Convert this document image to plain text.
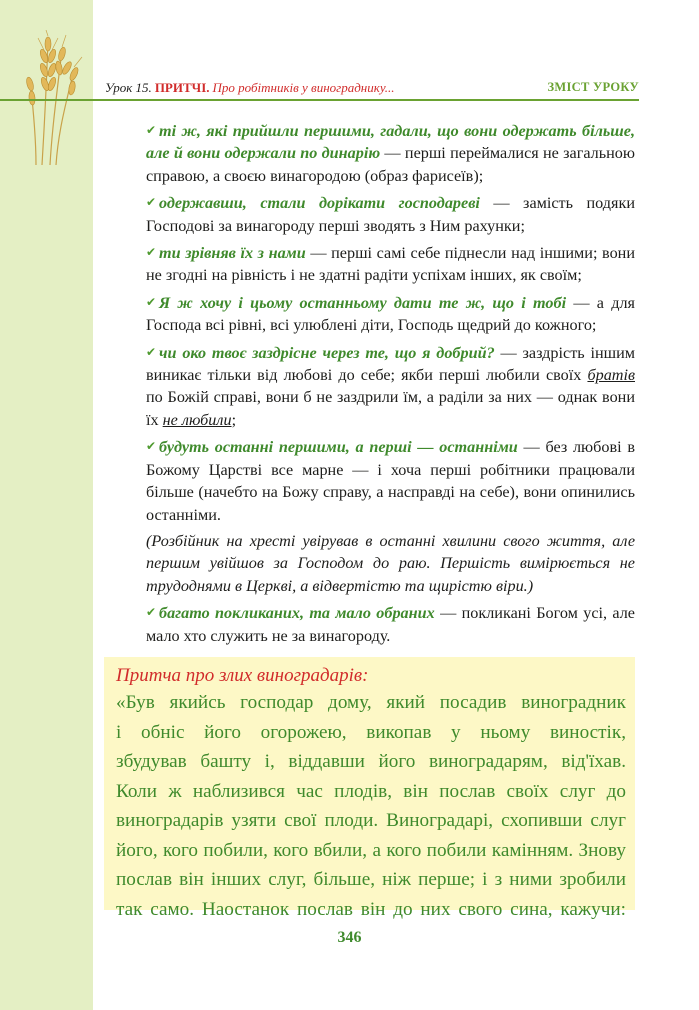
Урок 15. ПРИТЧІ. Про робітників у винограднику...	ЗМІСТ УРОКУ

✔ ті ж, які прийшли першими, гадали, що вони одержать більше, але й вони одержали по динарію — перші переймалися не загальною справою, а своєю винагородою (образ фарисеїв);

✔ одержавши, стали дорікати господареві — замість подяки Господові за винагороду перші зводять з Ним рахунки;

✔ ти зрівняв їх з нами — перші самі себе піднесли над іншими; вони не згодні на рівність і не здатні радіти успіхам інших, як своїм;

✔ Я ж хочу і цьому останньому дати те ж, що і тобі — а для Господа всі рівні, всі улюблені діти, Господь щедрий до кожного;

✔ чи око твоє заздрісне через те, що я добрий? — заздрість іншим виникає тільки від любові до себе; якби перші любили своїх братів по Божій справі, вони б не заздрили їм, а раділи за них — однак вони їх не любили;

✔ будуть останні першими, а перші — останніми — без любові в Божому Царстві все марне — і хоча перші робітники працювали більше (начебто на Божу справу, а насправді на себе), вони опинились останніми.

(Розбійник на хресті увірував в останні хвилини свого життя, але першим увійшов за Господом до раю. Першість вимірюється не трудоднями в Церкві, а відвертістю та щирістю віри.)

✔ багато покликаних, та мало обраних — покликані Богом усі, але мало хто служить не за винагороду.

Притча про злих виноградарів:
«Був якийсь господар дому, який посадив виноградник
і обніс його огорожею, викопав у ньому виностік,
збудував башту і, віддавши його виноградарям, від'їхав.
Коли ж наблизився час плодів, він послав своїх слуг до
виноградарів узяти свої плоди. Виноградарі, схопивши слуг
його, кого побили, кого вбили, а кого побили камінням. Знову
послав він інших слуг, більше, ніж перше; і з ними зробили
так само. Наостанок послав він до них свого сина, кажучи:
346
